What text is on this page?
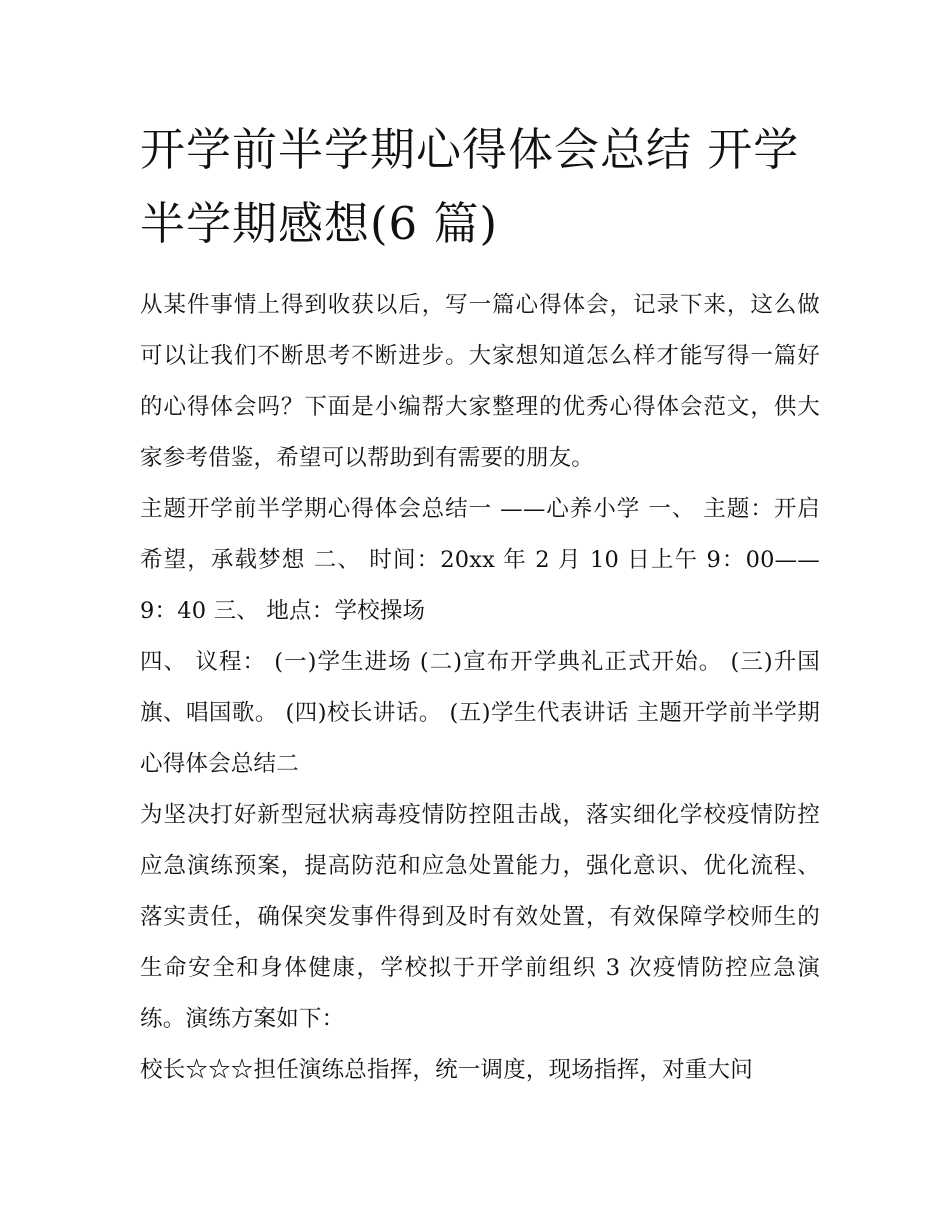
开学前半学期心得体会总结 开学半学期感想(6 篇)

从某件事情上得到收获以后，写一篇心得体会，记录下来，这么做可以让我们不断思考不断进步。大家想知道怎么样才能写得一篇好的心得体会吗？下面是小编帮大家整理的优秀心得体会范文，供大家参考借鉴，希望可以帮助到有需要的朋友。

主题开学前半学期心得体会总结一 ——心养小学 一、 主题：开启希望，承载梦想 二、 时间：20xx 年 2 月 10 日上午 9：00——9：40 三、 地点：学校操场

四、 议程： (一)学生进场 (二)宣布开学典礼正式开始。 (三)升国旗、唱国歌。 (四)校长讲话。 (五)学生代表讲话 主题开学前半学期心得体会总结二

为坚决打好新型冠状病毒疫情防控阻击战，落实细化学校疫情防控应急演练预案，提高防范和应急处置能力，强化意识、优化流程、落实责任，确保突发事件得到及时有效处置，有效保障学校师生的生命安全和身体健康，学校拟于开学前组织 3 次疫情防控应急演练。演练方案如下：

校长☆☆☆担任演练总指挥，统一调度，现场指挥，对重大问
